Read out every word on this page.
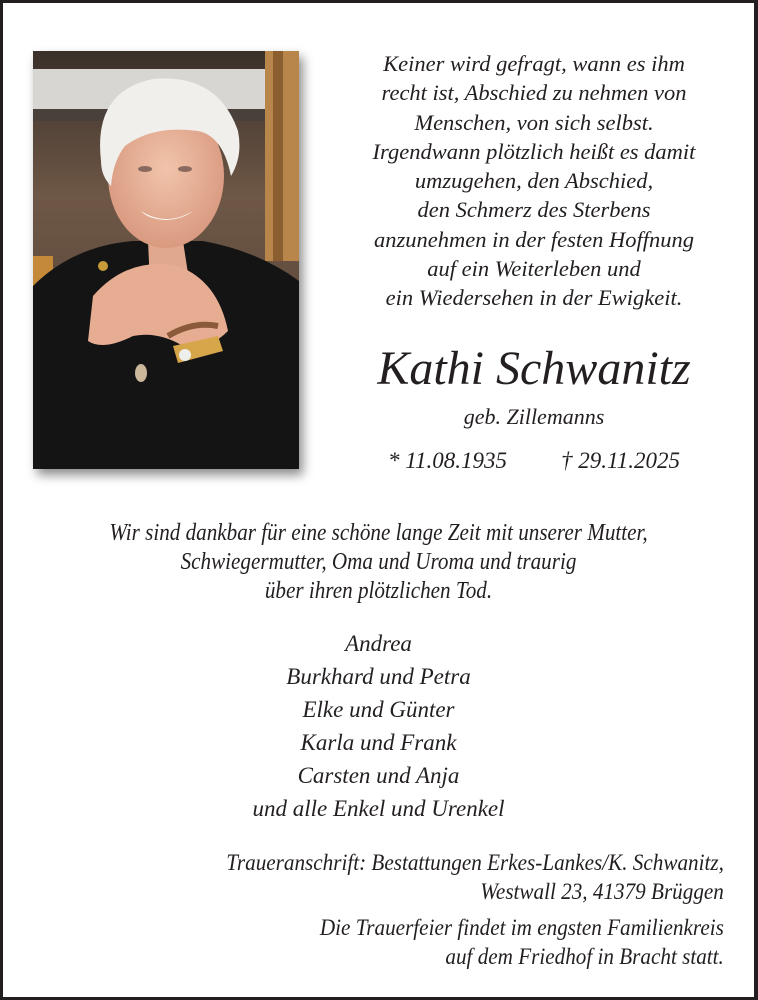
Keiner wird gefragt, wann es ihm
recht ist, Abschied zu nehmen von
Menschen, von sich selbst.
Irgendwann plötzlich heißt es damit
umzugehen, den Abschied,
den Schmerz des Sterbens
anzunehmen in der festen Hoffnung
auf ein Weiterleben und
ein Wiedersehen in der Ewigkeit.
Kathi Schwanitz
geb. Zillemanns
* 11.08.1935 † 29.11.2025
Wir sind dankbar für eine schöne lange Zeit mit unserer Mutter,
Schwiegermutter, Oma und Uroma und traurig
über ihren plötzlichen Tod.
Andrea
Burkhard und Petra
Elke und Günter
Karla und Frank
Carsten und Anja
und alle Enkel und Urenkel
Traueranschrift: Bestattungen Erkes-Lankes/K. Schwanitz,
Westwall 23, 41379 Brüggen
Die Trauerfeier findet im engsten Familienkreis
auf dem Friedhof in Bracht statt.
